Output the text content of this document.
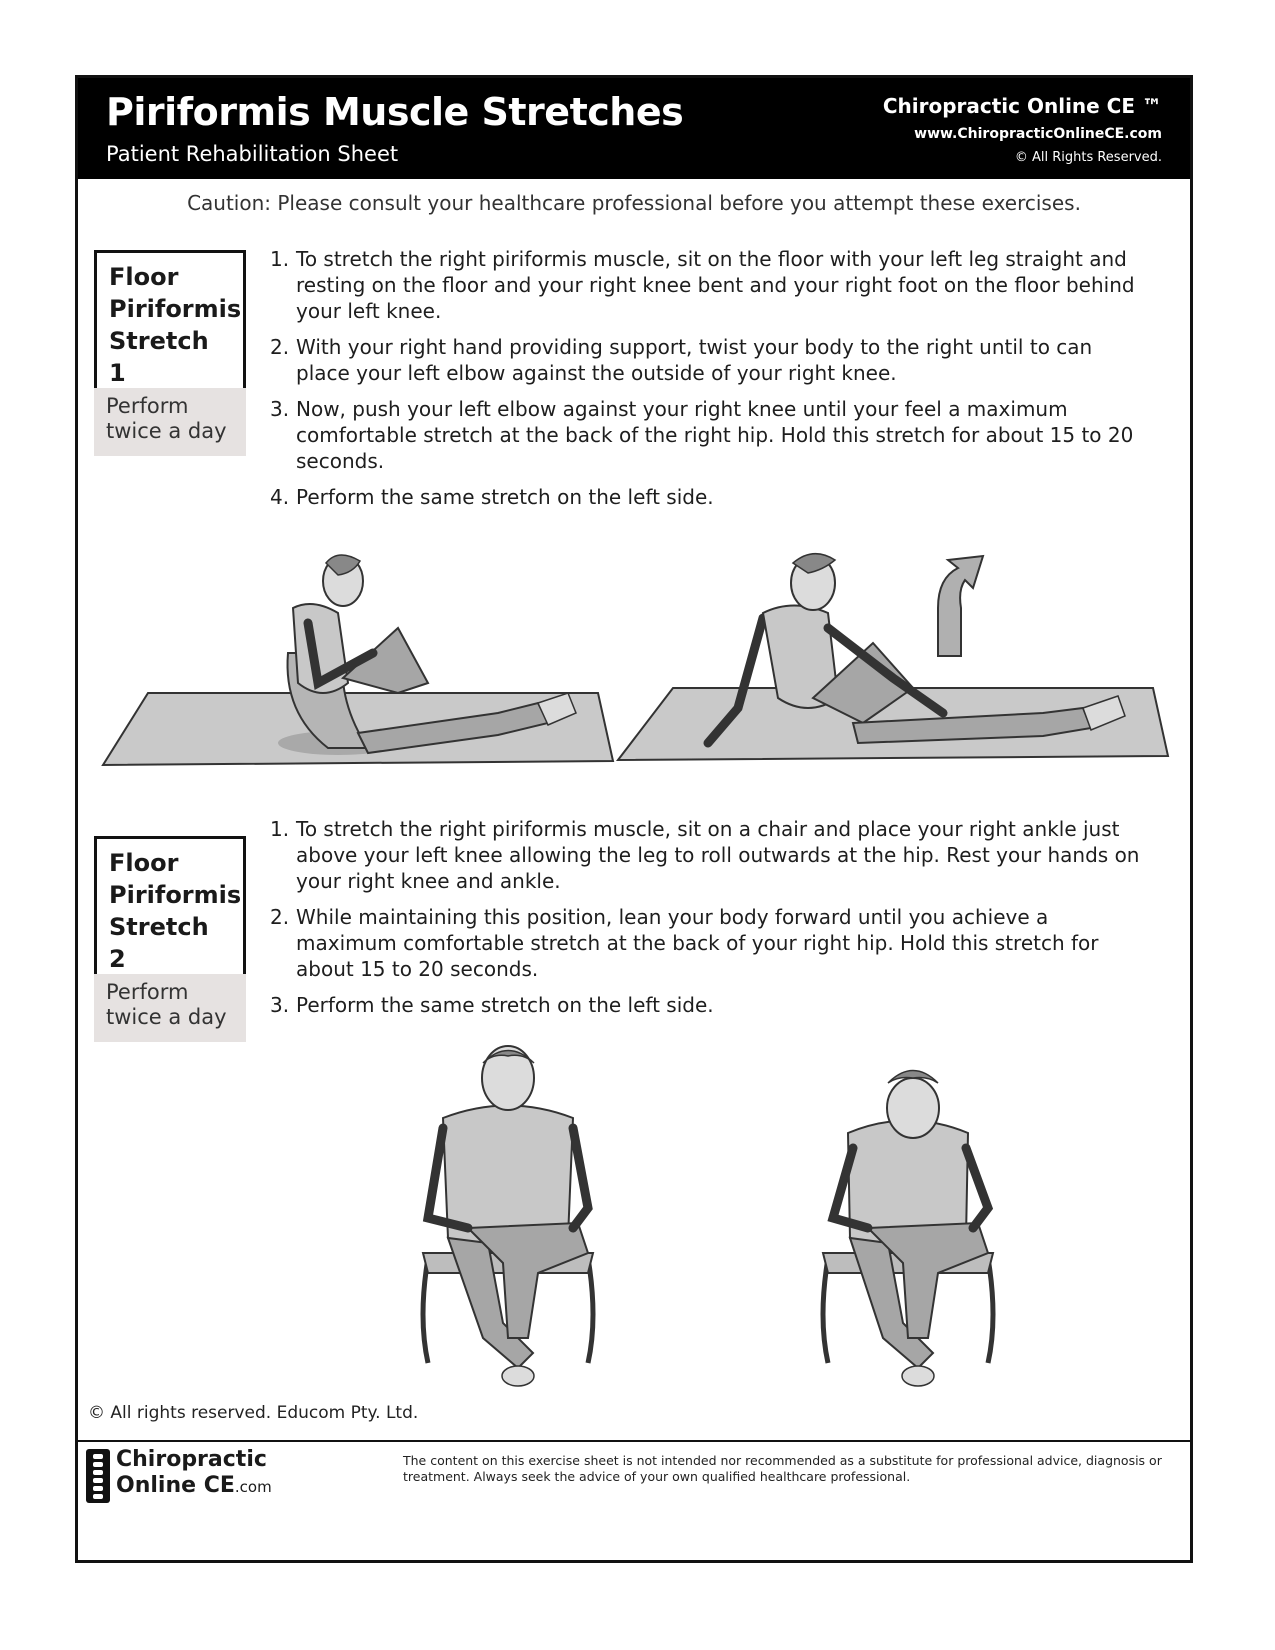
Piriformis Muscle Stretches
Patient Rehabilitation Sheet
Chiropractic Online CE ™
www.ChiropracticOnlineCE.com
© All Rights Reserved.
Caution: Please consult your healthcare professional before you attempt these exercises.
Floor
Piriformis
Stretch 1
Perform
twice a day
1. To stretch the right piriformis muscle, sit on the floor with your left leg straight and resting on the floor and your right knee bent and your right foot on the floor behind your left knee.
2. With your right hand providing support, twist your body to the right until to can place your left elbow against the outside of your right knee.
3. Now, push your left elbow against your right knee until your feel a maximum comfortable stretch at the back of the right hip. Hold this stretch for about 15 to 20 seconds.
4. Perform the same stretch on the left side.
Floor
Piriformis
Stretch 2
Perform
twice a day
1. To stretch the right piriformis muscle, sit on a chair and place your right ankle just above your left knee allowing the leg to roll outwards at the hip. Rest your hands on your right knee and ankle.
2. While maintaining this position, lean your body forward until you achieve a maximum comfortable stretch at the back of your right hip. Hold this stretch for about 15 to 20 seconds.
3. Perform the same stretch on the left side.
© All rights reserved. Educom Pty. Ltd.
Chiropractic
Online CE.com
The content on this exercise sheet is not intended nor recommended as a substitute for professional advice, diagnosis or treatment. Always seek the advice of your own qualified healthcare professional.
